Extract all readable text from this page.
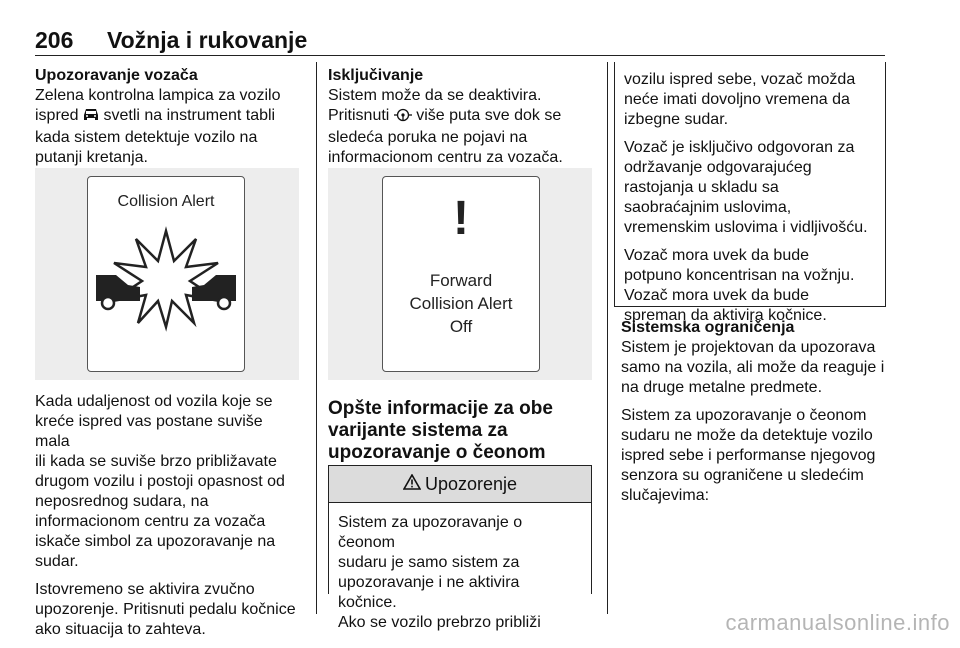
206 Vožnja i rukovanje
Upozoravanje vozača
Zelena kontrolna lampica za vozilo
ispred  svetli na instrument tabli
kada sistem detektuje vozilo na
putanji kretanja.
Collision Alert

Kada udaljenost od vozila koje se
kreće ispred vas postane suviše mala
ili kada se suviše brzo približavate
drugom vozilu i postoji opasnost od
neposrednog sudara, na
informacionom centru za vozača
iskače simbol za upozoravanje na
sudar.

Istovremeno se aktivira zvučno
upozorenje. Pritisnuti pedalu kočnice
ako situacija to zahteva.

Isključivanje
Sistem može da se deaktivira.
Pritisnuti  više puta sve dok se
sledeća poruka ne pojavi na
informacionom centru za vozača.
!
Forward
Collision Alert
Off
Opšte informacije za obe
varijante sistema za
upozoravanje o čeonom
Upozorenje
Sistem za upozoravanje o čeonom
sudaru je samo sistem za
upozoravanje i ne aktivira kočnice.
Ako se vozilo prebrzo približi

vozilu ispred sebe, vozač možda
neće imati dovoljno vremena da
izbegne sudar.

Vozač je isključivo odgovoran za
održavanje odgovarajućeg
rastojanja u skladu sa
saobraćajnim uslovima,
vremenskim uslovima i vidljivošću.

Vozač mora uvek da bude
potpuno koncentrisan na vožnju.
Vozač mora uvek da bude
spreman da aktivira kočnice.

Sistemska ograničenja

Sistem je projektovan da upozorava
samo na vozila, ali može da reaguje i
na druge metalne predmete.

Sistem za upozoravanje o čeonom
sudaru ne može da detektuje vozilo
ispred sebe i performanse njegovog
senzora su ograničene u sledećim
slučajevima:

carmanualsonline.info
